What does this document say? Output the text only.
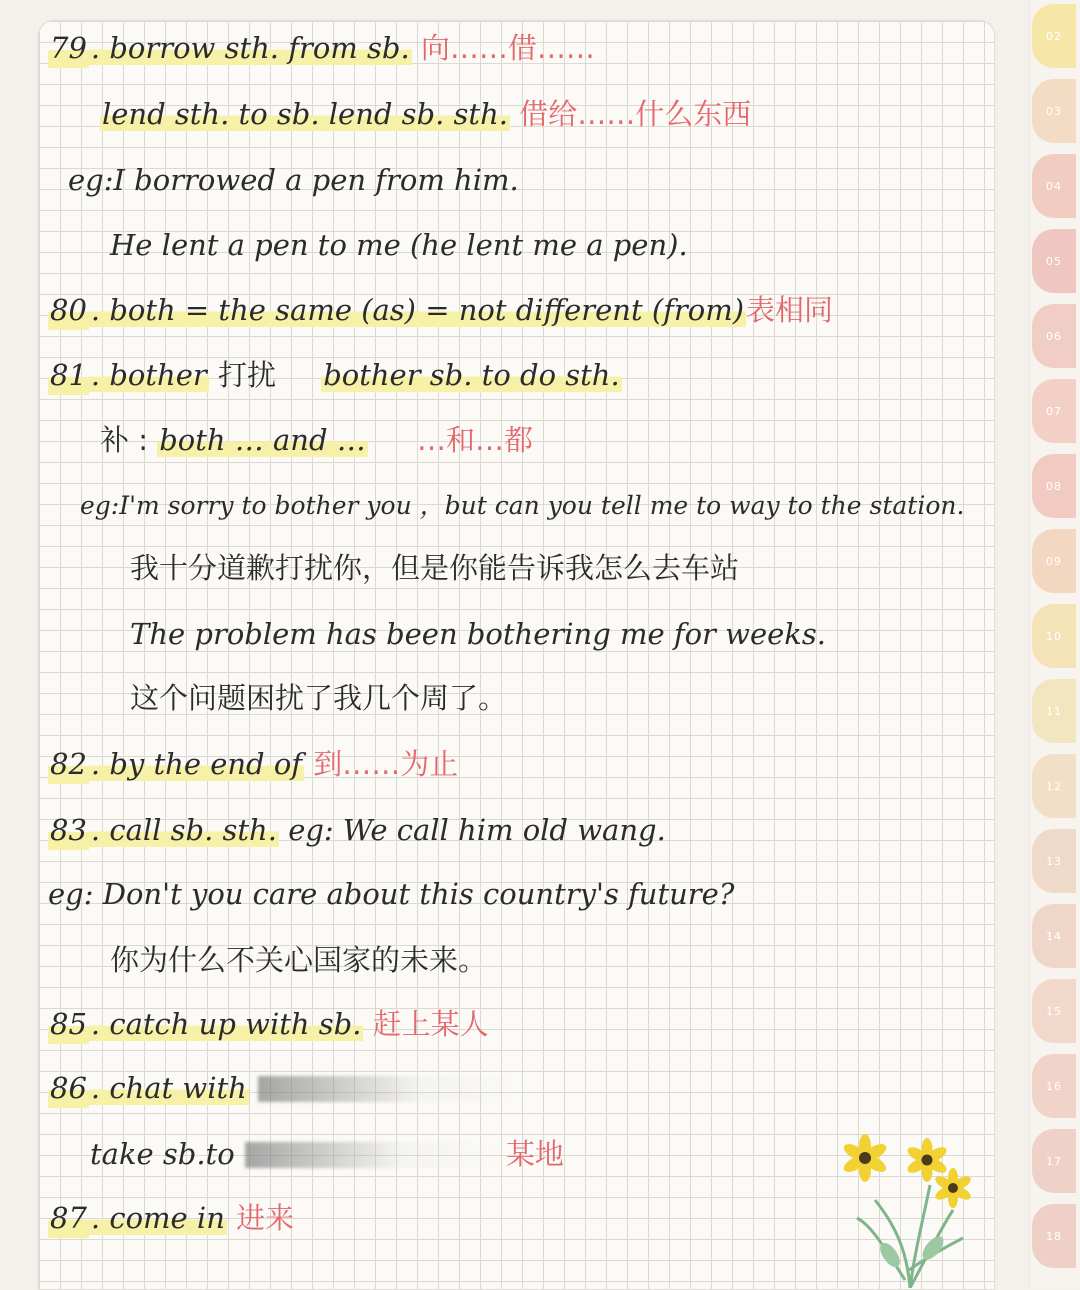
02
03
04
05
06
07
08
09
10
11
12
13
14
15
16
17
18
79 . borrow sth. from sb. 向……借……
lend sth. to sb. lend sb. sth. 借给……什么东西
eg:I borrowed a pen from him.
He lent a pen to me (he lent me a pen).
80 . both = the same (as) = not different (from)表相同
81 . bother 打扰 bother sb. to do sth.
补 : both … and … …和…都
eg:I'm sorry to bother you ，but can you tell me to way to the station.
我十分道歉打扰你，但是你能告诉我怎么去车站
The problem has been bothering me for weeks.
这个问题困扰了我几个周了。
82 . by the end of 到……为止
83 . call sb. sth. eg: We call him old wang.
eg: Don't you care about this country's future?
你为什么不关心国家的未来。
85 . catch up with sb. 赶上某人
86 . chat with
take sb.to	某地
87 . come in 进来
